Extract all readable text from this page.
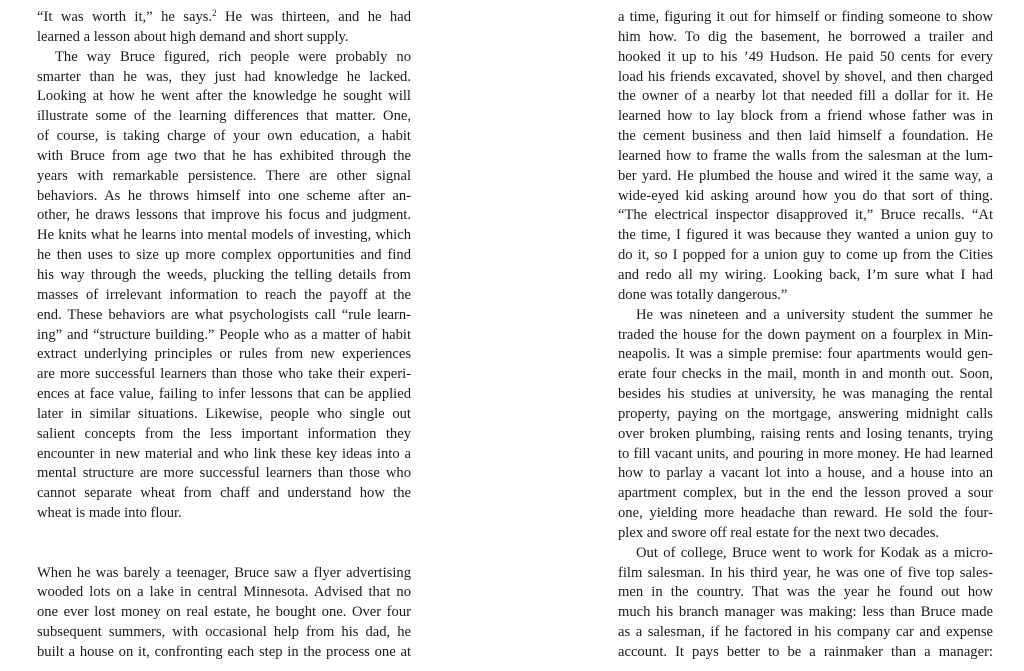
“It was worth it,” he says.$^2$ He was thirteen, and he had
learned a lesson about high demand and short supply.
The way Bruce figured, rich people were probably no
smarter than he was, they just had knowledge he lacked.
Looking at how he went after the knowledge he sought will
illustrate some of the learning differences that matter. One,
of course, is taking charge of your own education, a habit
with Bruce from age two that he has exhibited through the
years with remarkable persistence. There are other signal
behaviors. As he throws himself into one scheme after an-
other, he draws lessons that improve his focus and judgment.
He knits what he learns into mental models of investing, which
he then uses to size up more complex opportunities and find
his way through the weeds, plucking the telling details from
masses of irrelevant information to reach the payoff at the
end. These behaviors are what psychologists call “rule learn-
ing” and “structure building.” People who as a matter of habit
extract underlying principles or rules from new experiences
are more successful learners than those who take their experi-
ences at face value, failing to infer lessons that can be applied
later in similar situations. Likewise, people who single out
salient concepts from the less important information they
encounter in new material and who link these key ideas into a
mental structure are more successful learners than those who
cannot separate wheat from chaff and understand how the
wheat is made into flour.
When he was barely a teenager, Bruce saw a flyer advertising
wooded lots on a lake in central Minnesota. Advised that no
one ever lost money on real estate, he bought one. Over four
subsequent summers, with occasional help from his dad, he
built a house on it, confronting each step in the process one at
a time, figuring it out for himself or finding someone to show
him how. To dig the basement, he borrowed a trailer and
hooked it up to his ’49 Hudson. He paid 50 cents for every
load his friends excavated, shovel by shovel, and then charged
the owner of a nearby lot that needed fill a dollar for it. He
learned how to lay block from a friend whose father was in
the cement business and then laid himself a foundation. He
learned how to frame the walls from the salesman at the lum-
ber yard. He plumbed the house and wired it the same way, a
wide-eyed kid asking around how you do that sort of thing.
“The electrical inspector disapproved it,” Bruce recalls. “At
the time, I figured it was because they wanted a union guy to
do it, so I popped for a union guy to come up from the Cities
and redo all my wiring. Looking back, I’m sure what I had
done was totally dangerous.”
He was nineteen and a university student the summer he
traded the house for the down payment on a fourplex in Min-
neapolis. It was a simple premise: four apartments would gen-
erate four checks in the mail, month in and month out. Soon,
besides his studies at university, he was managing the rental
property, paying on the mortgage, answering midnight calls
over broken plumbing, raising rents and losing tenants, trying
to fill vacant units, and pouring in more money. He had learned
how to parlay a vacant lot into a house, and a house into an
apartment complex, but in the end the lesson proved a sour
one, yielding more headache than reward. He sold the four-
plex and swore off real estate for the next two decades.
Out of college, Bruce went to work for Kodak as a micro-
film salesman. In his third year, he was one of five top sales-
men in the country. That was the year he found out how
much his branch manager was making: less than Bruce made
as a salesman, if he factored in his company car and expense
account. It pays better to be a rainmaker than a manager:
